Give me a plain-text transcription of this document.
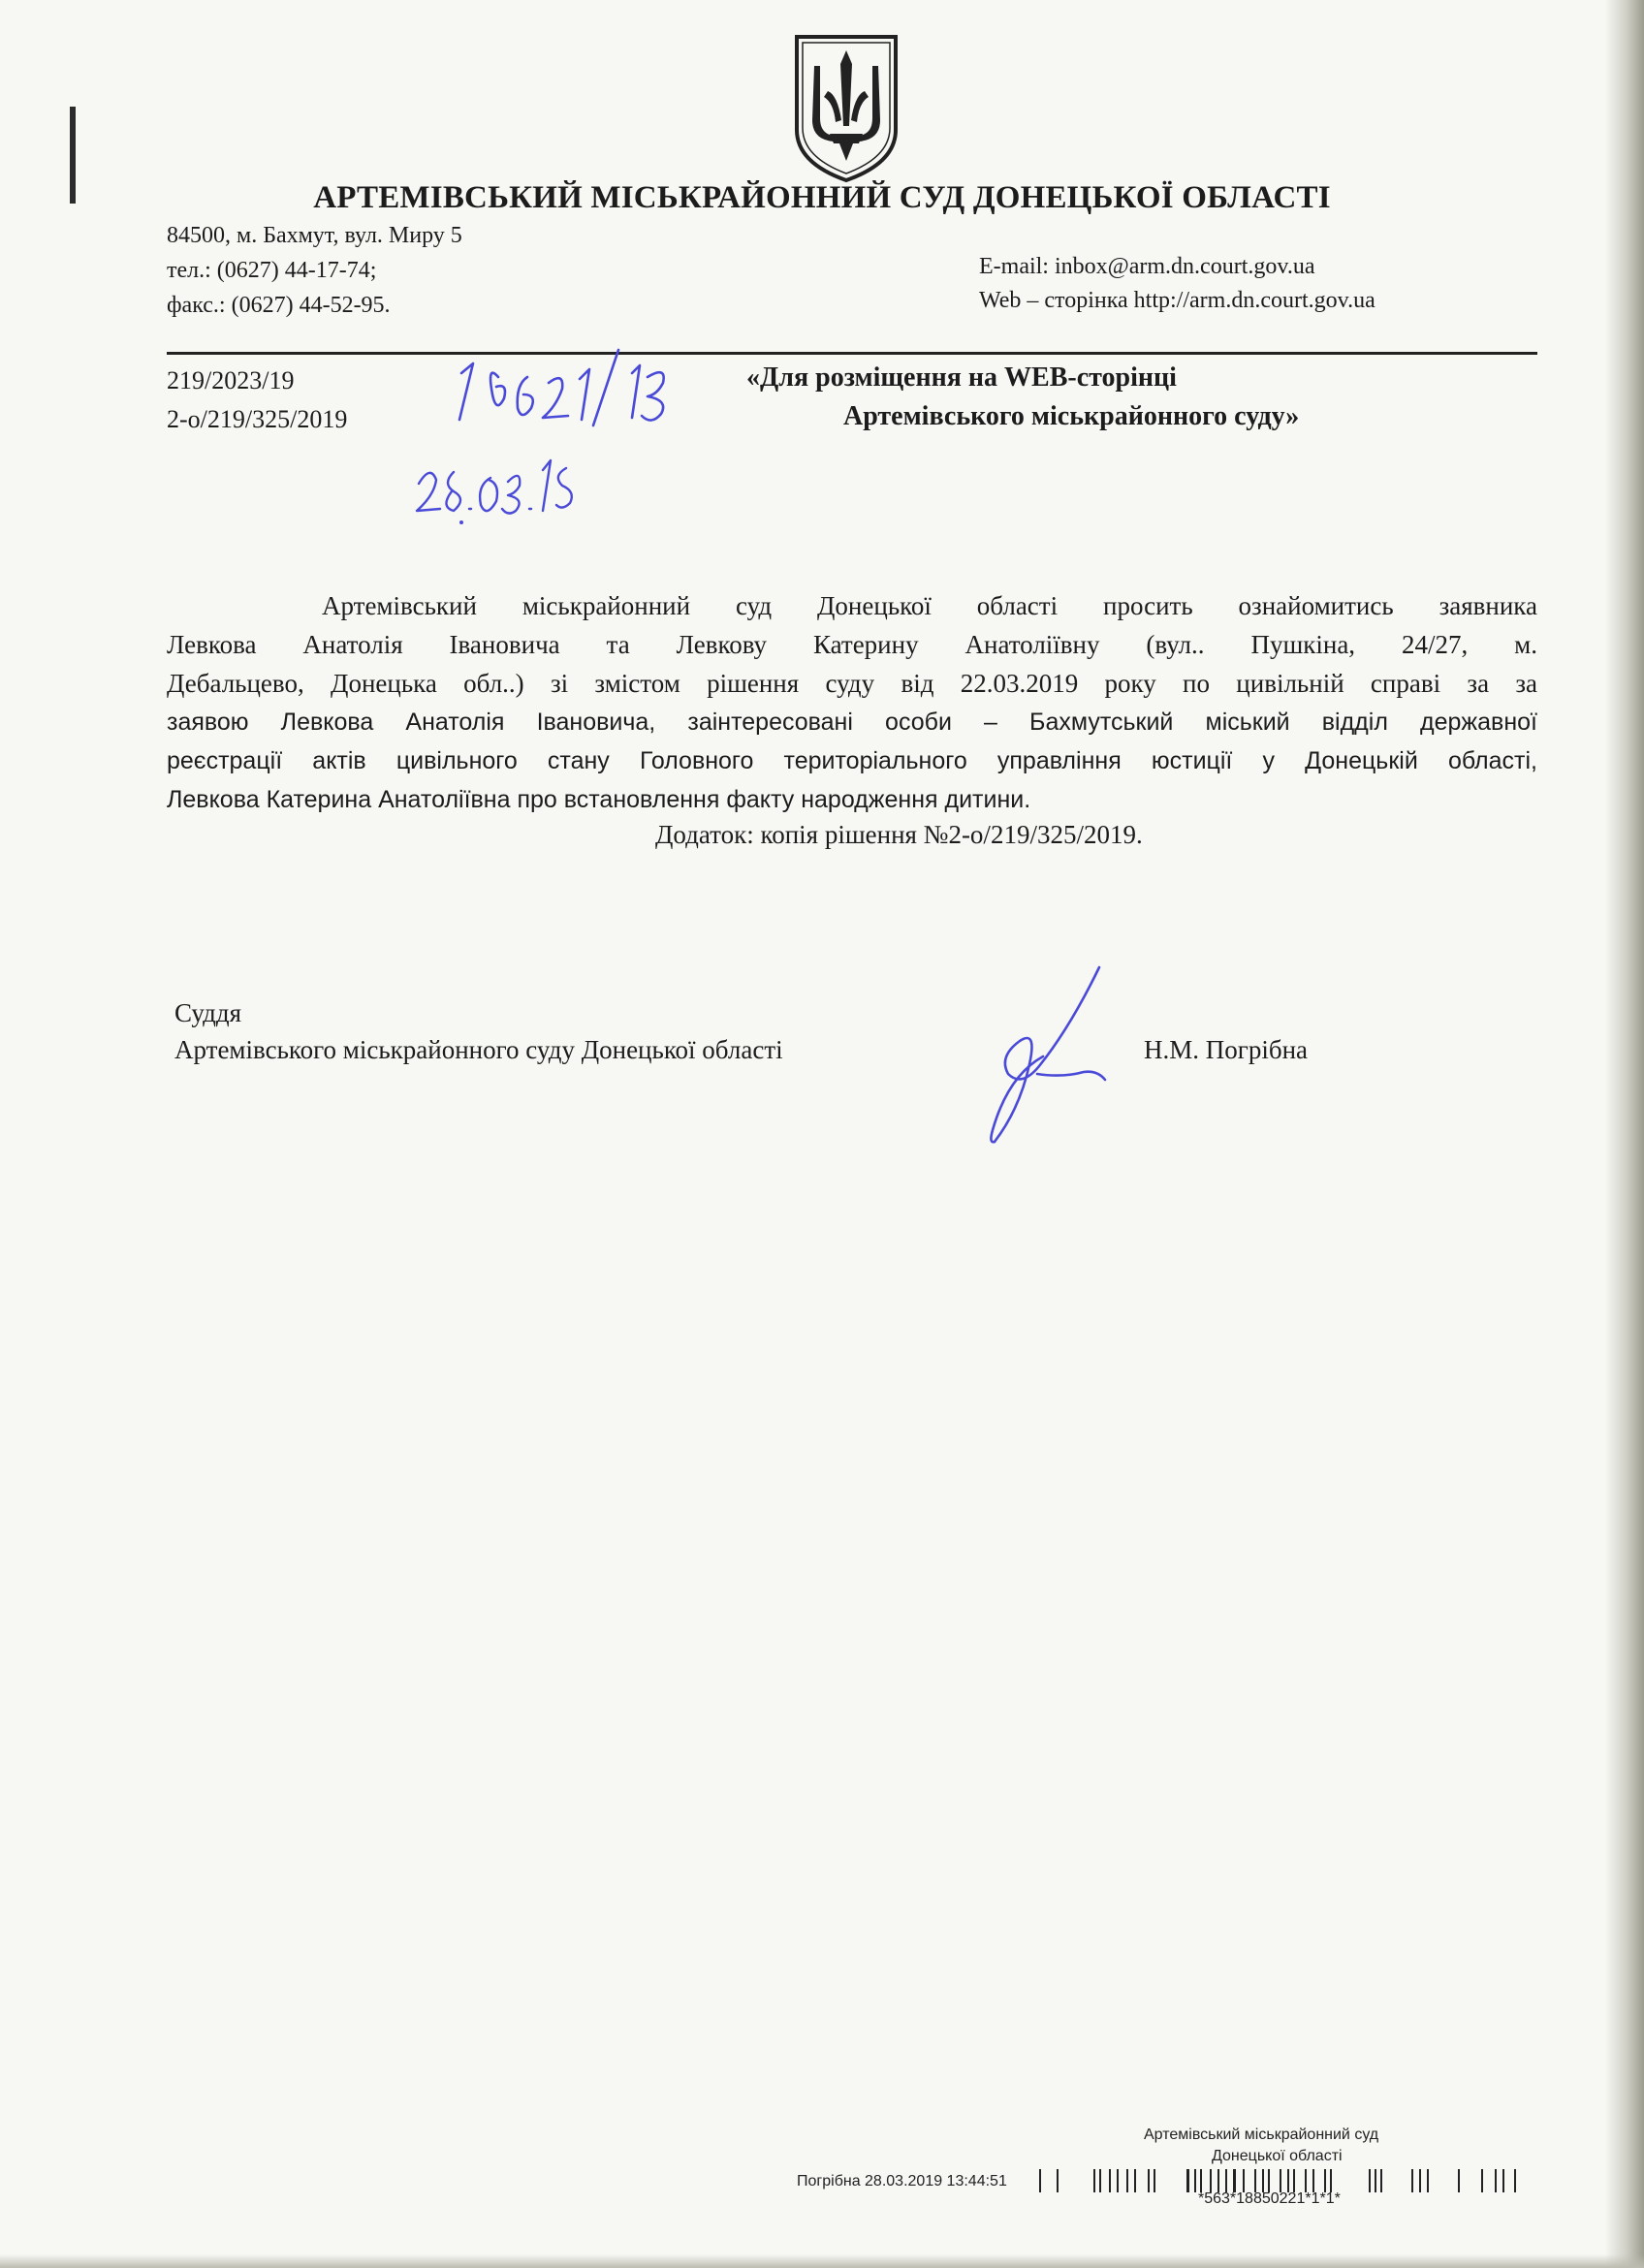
АРТЕМІВСЬКИЙ МІСЬКРАЙОННИЙ СУД ДОНЕЦЬКОЇ ОБЛАСТІ
84500, м. Бахмут, вул. Миру 5
тел.: (0627) 44-17-74;
факс.: (0627) 44-52-95.
E-mail: inbox@arm.dn.court.gov.ua
Web – сторінка http://arm.dn.court.gov.ua
219/2023/19
2-о/219/325/2019
«Для розміщення на WEB-сторінці
Артемівського міськрайонного суду»

Артемівський міськрайонний суд Донецької області просить ознайомитись заявника

Левкова Анатолія Івановича та Левкову Катерину Анатоліївну (вул.. Пушкіна, 24/27, м.

Дебальцево, Донецька обл..) зі змістом рішення суду від 22.03.2019 року по цивільній справі за за

заявою Левкова Анатолія Івановича, заінтересовані особи – Бахмутський міський відділ державної

реєстрації актів цивільного стану Головного територіального управління юстиції у Донецькій області,

Левкова Катерина Анатоліївна про встановлення факту народження дитини.

Додаток: копія рішення №2-о/219/325/2019.
Суддя
Артемівського міськрайонного суду Донецької області	Н.М. Погрібна
Артемівський міськрайонний суд
Донецької області
Погрібна 28.03.2019 13:44:51
*563*18850221*1*1*
